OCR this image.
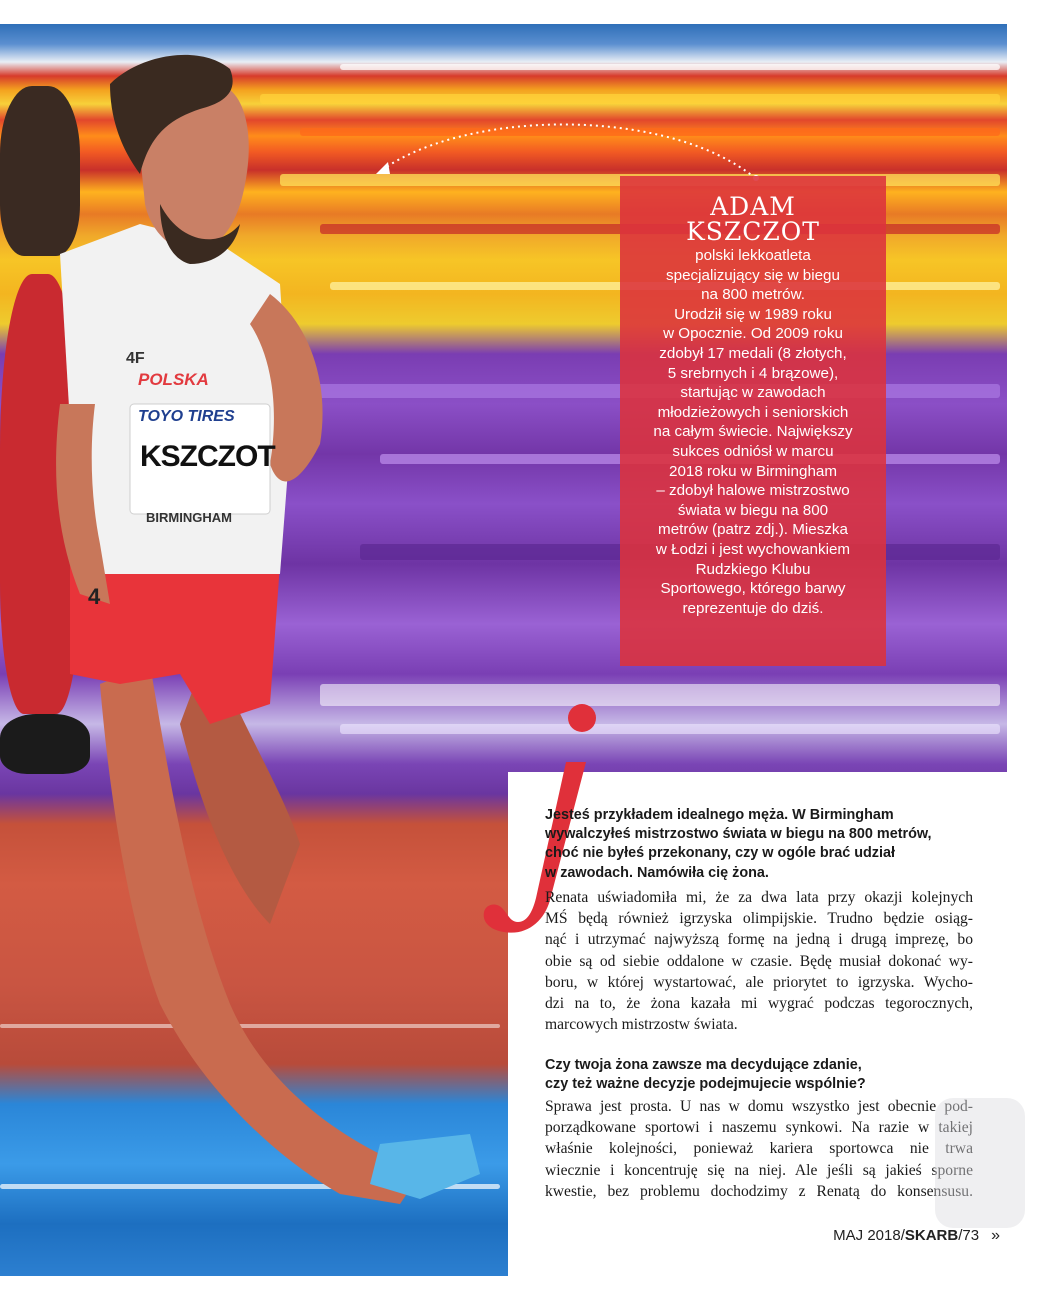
POLSKA
4F
TOYO TIRES
KSZCZOT
BIRMINGHAM
4
ADAM
KSZCZOT
polski lekkoatleta
specjalizujący się w biegu
na 800 metrów.
Urodził się w 1989 roku
w Opocznie. Od 2009 roku
zdobył 17 medali (8 złotych,
5 srebrnych i 4 brązowe),
startując w zawodach
młodzieżowych i seniorskich
na całym świecie. Największy
sukces odniósł w marcu
2018 roku w Birmingham
– zdobył halowe mistrzostwo
świata w biegu na 800
metrów (patrz zdj.). Mieszka
w Łodzi i jest wychowankiem
Rudzkiego Klubu
Sportowego, którego barwy
reprezentuje do dziś.
Jesteś przykładem idealnego męża. W Birmingham
wywalczyłeś mistrzostwo świata w biegu na 800 metrów,
choć nie byłeś przekonany, czy w ogóle brać udział
w zawodach. Namówiła cię żona.
Renata uświadomiła mi, że za dwa lata przy okazji kolejnych
MŚ będą również igrzyska olimpijskie. Trudno będzie osiąg-
nąć i utrzymać najwyższą formę na jedną i drugą imprezę, bo
obie są od siebie oddalone w czasie. Będę musiał dokonać wy-
boru, w której wystartować, ale priorytet to igrzyska. Wycho-
dzi na to, że żona kazała mi wygrać podczas tegorocznych,
marcowych mistrzostw świata.
Czy twoja żona zawsze ma decydujące zdanie,
czy też ważne decyzje podejmujecie wspólnie?
Sprawa jest prosta. U nas w domu wszystko jest obecnie pod-
porządkowane sportowi i naszemu synkowi. Na razie w takiej
właśnie kolejności, ponieważ kariera sportowca nie trwa
wiecznie i koncentruję się na niej. Ale jeśli są jakieś sporne
kwestie, bez problemu dochodzimy z Renatą do konsensusu.
MAJ 2018/SKARB/73 »
